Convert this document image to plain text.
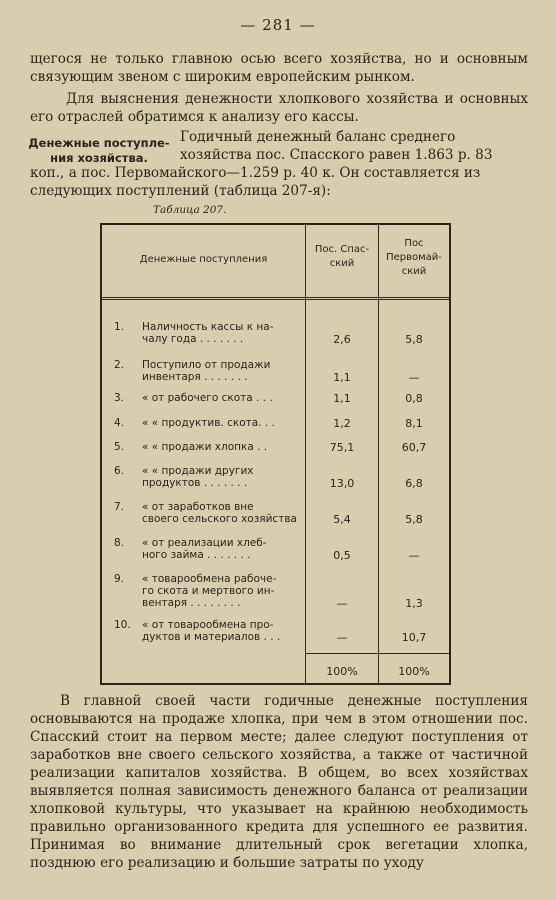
— 281 —
щегося не только главною осью всего хозяйства, но и основным связующим звеном с широким европейским рынком.
Для выяснения денежности хлопкового хозяйства и основных его отраслей обратимся к анализу его кассы.
Годичный денежный баланс среднего хозяйства пос. Спасского равен 1.863 р. 83 коп., а пос. Первомайского—1.259 р. 40 к. Он составляется из следующих поступлений (таблица 207-я):
Денежные поступле-
ния хозяйства.
Таблица 207.
Денежные поступления
Пос. Спас-
ский
Пос
Первомай-
ский
1. Наличность кассы к на-
чалу года . . . . . . .	2,6	5,8
2. Поступило от продажи
инвентаря . . . . . . .	1,1	—
3. « от рабочего скота . . .	1,1	0,8
4. « « продуктив. скота. . .	1,2	8,1
5. « « продажи хлопка . .	75,1	60,7
6. « « продажи других
продуктов . . . . . . .	13,0	6,8
7. « от заработков вне
своего сельского хозяйства	5,4	5,8
8. « от реализации хлеб-
ного займа . . . . . . .	0,5	—
9. « товарообмена рабоче-
го скота и мертвого ин-
вентаря . . . . . . . .	—	1,3
10. « от товарообмена про-
дуктов и материалов . . .	—	10,7
100%	100%
В главной своей части годичные денежные поступления основываются на продаже хлопка, при чем в этом отношении пос. Спасский стоит на первом месте; далее следуют поступления от заработков вне своего сельского хозяйства, а также от частичной реализации капиталов хозяйства. В общем, во всех хозяйствах выявляется полная зависимость денежного баланса от реализации хлопковой культуры, что указывает на крайнюю необходимость правильно организованного кредита для успешного ее развития. Принимая во внимание длительный срок вегетации хлопка, позднюю его реализацию и большие затраты по уходу
